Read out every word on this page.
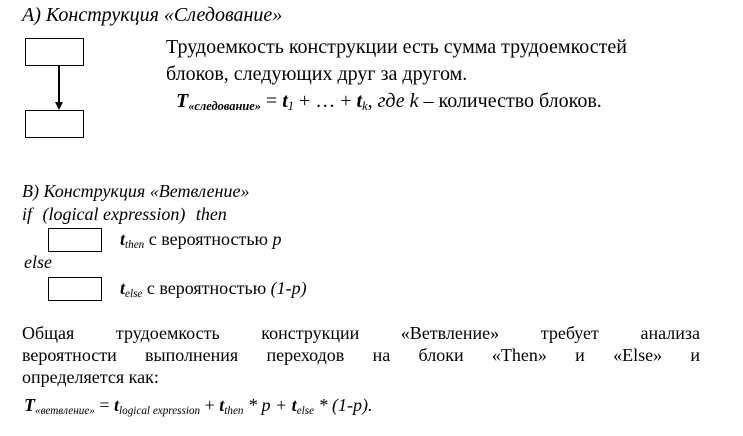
A) Конструкция «Следование»
Трудоемкость конструкции есть сумма трудоемкостей
блоков, следующих друг за другом.
$T_{«следование»} = t_1$ + … + $t_k$, где k – количество блоков.
B) Конструкция «Ветвление»
if (logical expression) then
$t_{then}$ с вероятностью p
else
$t_{else}$ с вероятностью (1-p)
Общая трудоемкость конструкции «Ветвление» требует анализа
вероятности выполнения переходов на блоки «Then» и «Else» и
определяется как:
$T_{«ветвление»} = t_{logical expression} + t_{then} * p + t_{else} * (1-p)$.
